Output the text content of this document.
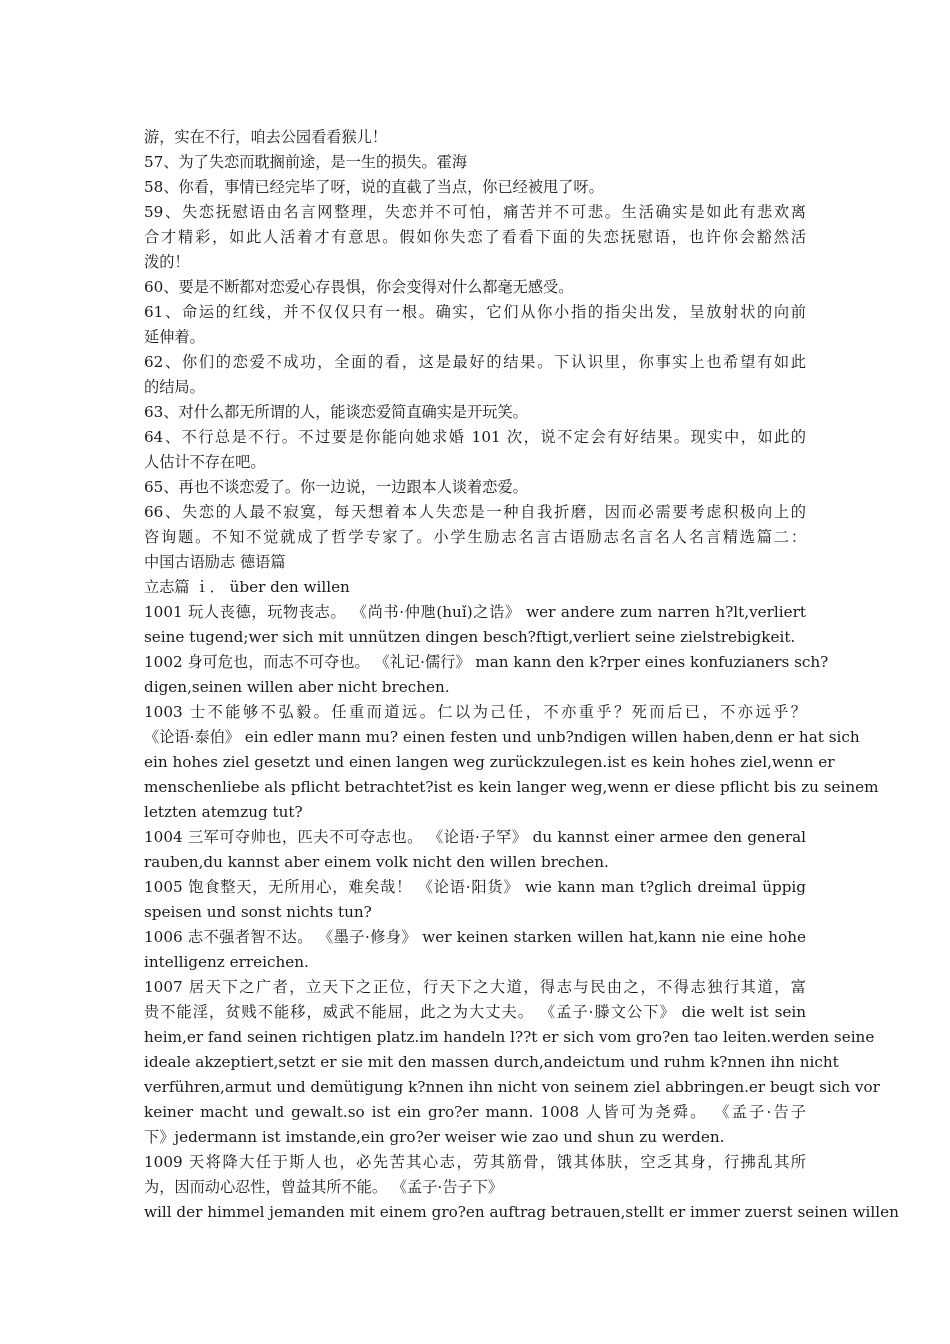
游，实在不行，咱去公园看看猴儿！
57、为了失恋而耽搁前途，是一生的损失。霍海
58、你看，事情已经完毕了呀，说的直截了当点，你已经被甩了呀。
59、失恋抚慰语由名言网整理，失恋并不可怕，痛苦并不可悲。生活确实是如此有悲欢离
合才精彩，如此人活着才有意思。假如你失恋了看看下面的失恋抚慰语，也许你会豁然活
泼的！
60、要是不断都对恋爱心存畏惧，你会变得对什么都毫无感受。
61、命运的红线，并不仅仅只有一根。确实，它们从你小指的指尖出发，呈放射状的向前
延伸着。
62、你们的恋爱不成功，全面的看，这是最好的结果。下认识里，你事实上也希望有如此
的结局。
63、对什么都无所谓的人，能谈恋爱简直确实是开玩笑。
64、不行总是不行。不过要是你能向她求婚 101 次，说不定会有好结果。现实中，如此的
人估计不存在吧。
65、再也不谈恋爱了。你一边说，一边跟本人谈着恋爱。
66、失恋的人最不寂寞，每天想着本人失恋是一种自我折磨，因而必需要考虑积极向上的
咨询题。不知不觉就成了哲学专家了。小学生励志名言古语励志名言名人名言精选篇二：
中国古语励志 德语篇
立志篇 ｉ． über den willen
1001 玩人丧德，玩物丧志。 《尚书·仲虺(huǐ)之诰》 wer andere zum narren h?lt,verliert
seine tugend;wer sich mit unnützen dingen besch?ftigt,verliert seine zielstrebigkeit.
1002 身可危也，而志不可夺也。 《礼记·儒行》 man kann den k?rper eines konfuzianers sch?
digen,seinen willen aber nicht brechen.
1003 士不能够不弘毅。任重而道远。仁以为己任，不亦重乎？死而后已，不亦远乎？
《论语·泰伯》 ein edler mann mu? einen festen und unb?ndigen willen haben,denn er hat sich
ein hohes ziel gesetzt und einen langen weg zurückzulegen.ist es kein hohes ziel,wenn er
menschenliebe als pflicht betrachtet?ist es kein langer weg,wenn er diese pflicht bis zu seinem
letzten atemzug tut?
1004 三军可夺帅也，匹夫不可夺志也。 《论语·子罕》 du kannst einer armee den general
rauben,du kannst aber einem volk nicht den willen brechen.
1005 饱食整天，无所用心，难矣哉！ 《论语·阳货》 wie kann man t?glich dreimal üppig
speisen und sonst nichts tun?
1006 志不强者智不达。 《墨子·修身》 wer keinen starken willen hat,kann nie eine hohe
intelligenz erreichen.
1007 居天下之广者，立天下之正位，行天下之大道，得志与民由之，不得志独行其道，富
贵不能淫，贫贱不能移，威武不能屈，此之为大丈夫。 《孟子·滕文公下》 die welt ist sein
heim,er fand seinen richtigen platz.im handeln l??t er sich vom gro?en tao leiten.werden seine
ideale akzeptiert,setzt er sie mit den massen durch,andeictum und ruhm k?nnen ihn nicht
verführen,armut und demütigung k?nnen ihn nicht von seinem ziel abbringen.er beugt sich vor
keiner macht und gewalt.so ist ein gro?er mann. 1008 人皆可为尧舜。 《孟子·告子
下》jedermann ist imstande,ein gro?er weiser wie zao und shun zu werden.
1009 天将降大任于斯人也，必先苦其心志，劳其筋骨，饿其体肤，空乏其身，行拂乱其所
为，因而动心忍性，曾益其所不能。 《孟子·告子下》
will der himmel jemanden mit einem gro?en auftrag betrauen,stellt er immer zuerst seinen willen
